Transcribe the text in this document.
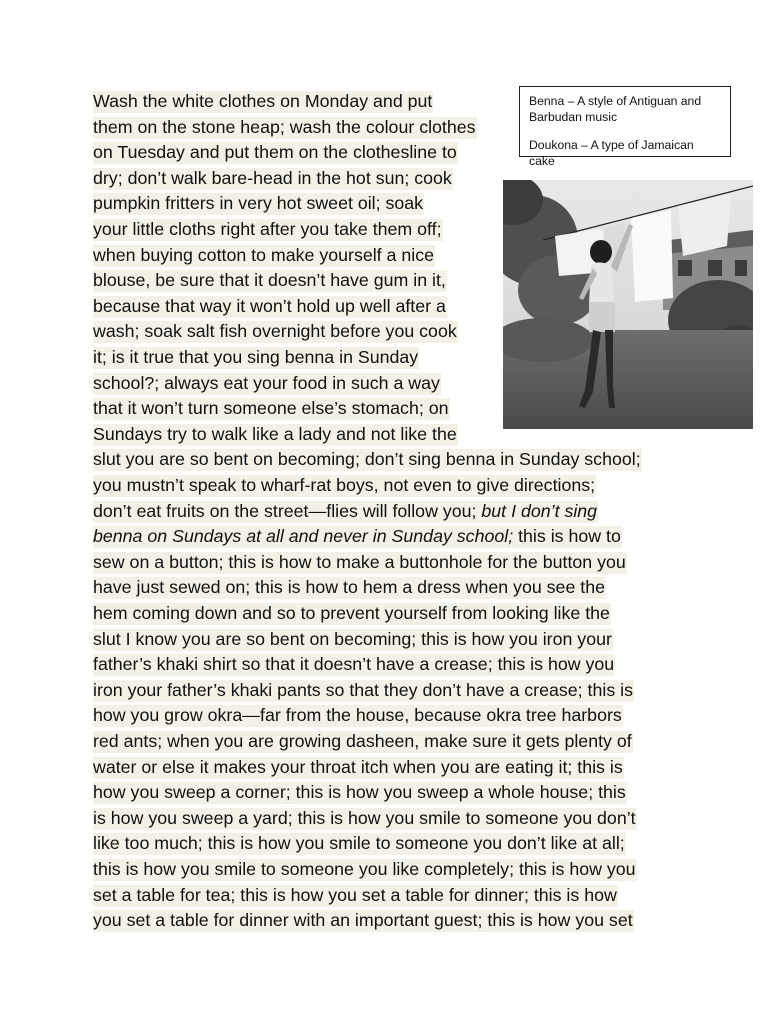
Benna – A style of Antiguan and Barbudan music

Doukona – A type of Jamaican cake

Wash the white clothes on Monday and put
them on the stone heap; wash the colour clothes
on Tuesday and put them on the clothesline to
dry; don’t walk bare-head in the hot sun; cook
pumpkin fritters in very hot sweet oil; soak
your little cloths right after you take them off;
when buying cotton to make yourself a nice
blouse, be sure that it doesn’t have gum in it,
because that way it won’t hold up well after a
wash; soak salt fish overnight before you cook
it; is it true that you sing benna in Sunday
school?; always eat your food in such a way
that it won’t turn someone else’s stomach; on
Sundays try to walk like a lady and not like the
slut you are so bent on becoming; don’t sing benna in Sunday school;
you mustn’t speak to wharf-rat boys, not even to give directions;
don’t eat fruits on the street—flies will follow you; but I don’t sing
benna on Sundays at all and never in Sunday school; this is how to
sew on a button; this is how to make a buttonhole for the button you
have just sewed on; this is how to hem a dress when you see the
hem coming down and so to prevent yourself from looking like the
slut I know you are so bent on becoming; this is how you iron your
father’s khaki shirt so that it doesn’t have a crease; this is how you
iron your father’s khaki pants so that they don’t have a crease; this is
how you grow okra—far from the house, because okra tree harbors
red ants; when you are growing dasheen, make sure it gets plenty of
water or else it makes your throat itch when you are eating it; this is
how you sweep a corner; this is how you sweep a whole house; this
is how you sweep a yard; this is how you smile to someone you don’t
like too much; this is how you smile to someone you don’t like at all;
this is how you smile to someone you like completely; this is how you
set a table for tea; this is how you set a table for dinner; this is how
you set a table for dinner with an important guest; this is how you set
